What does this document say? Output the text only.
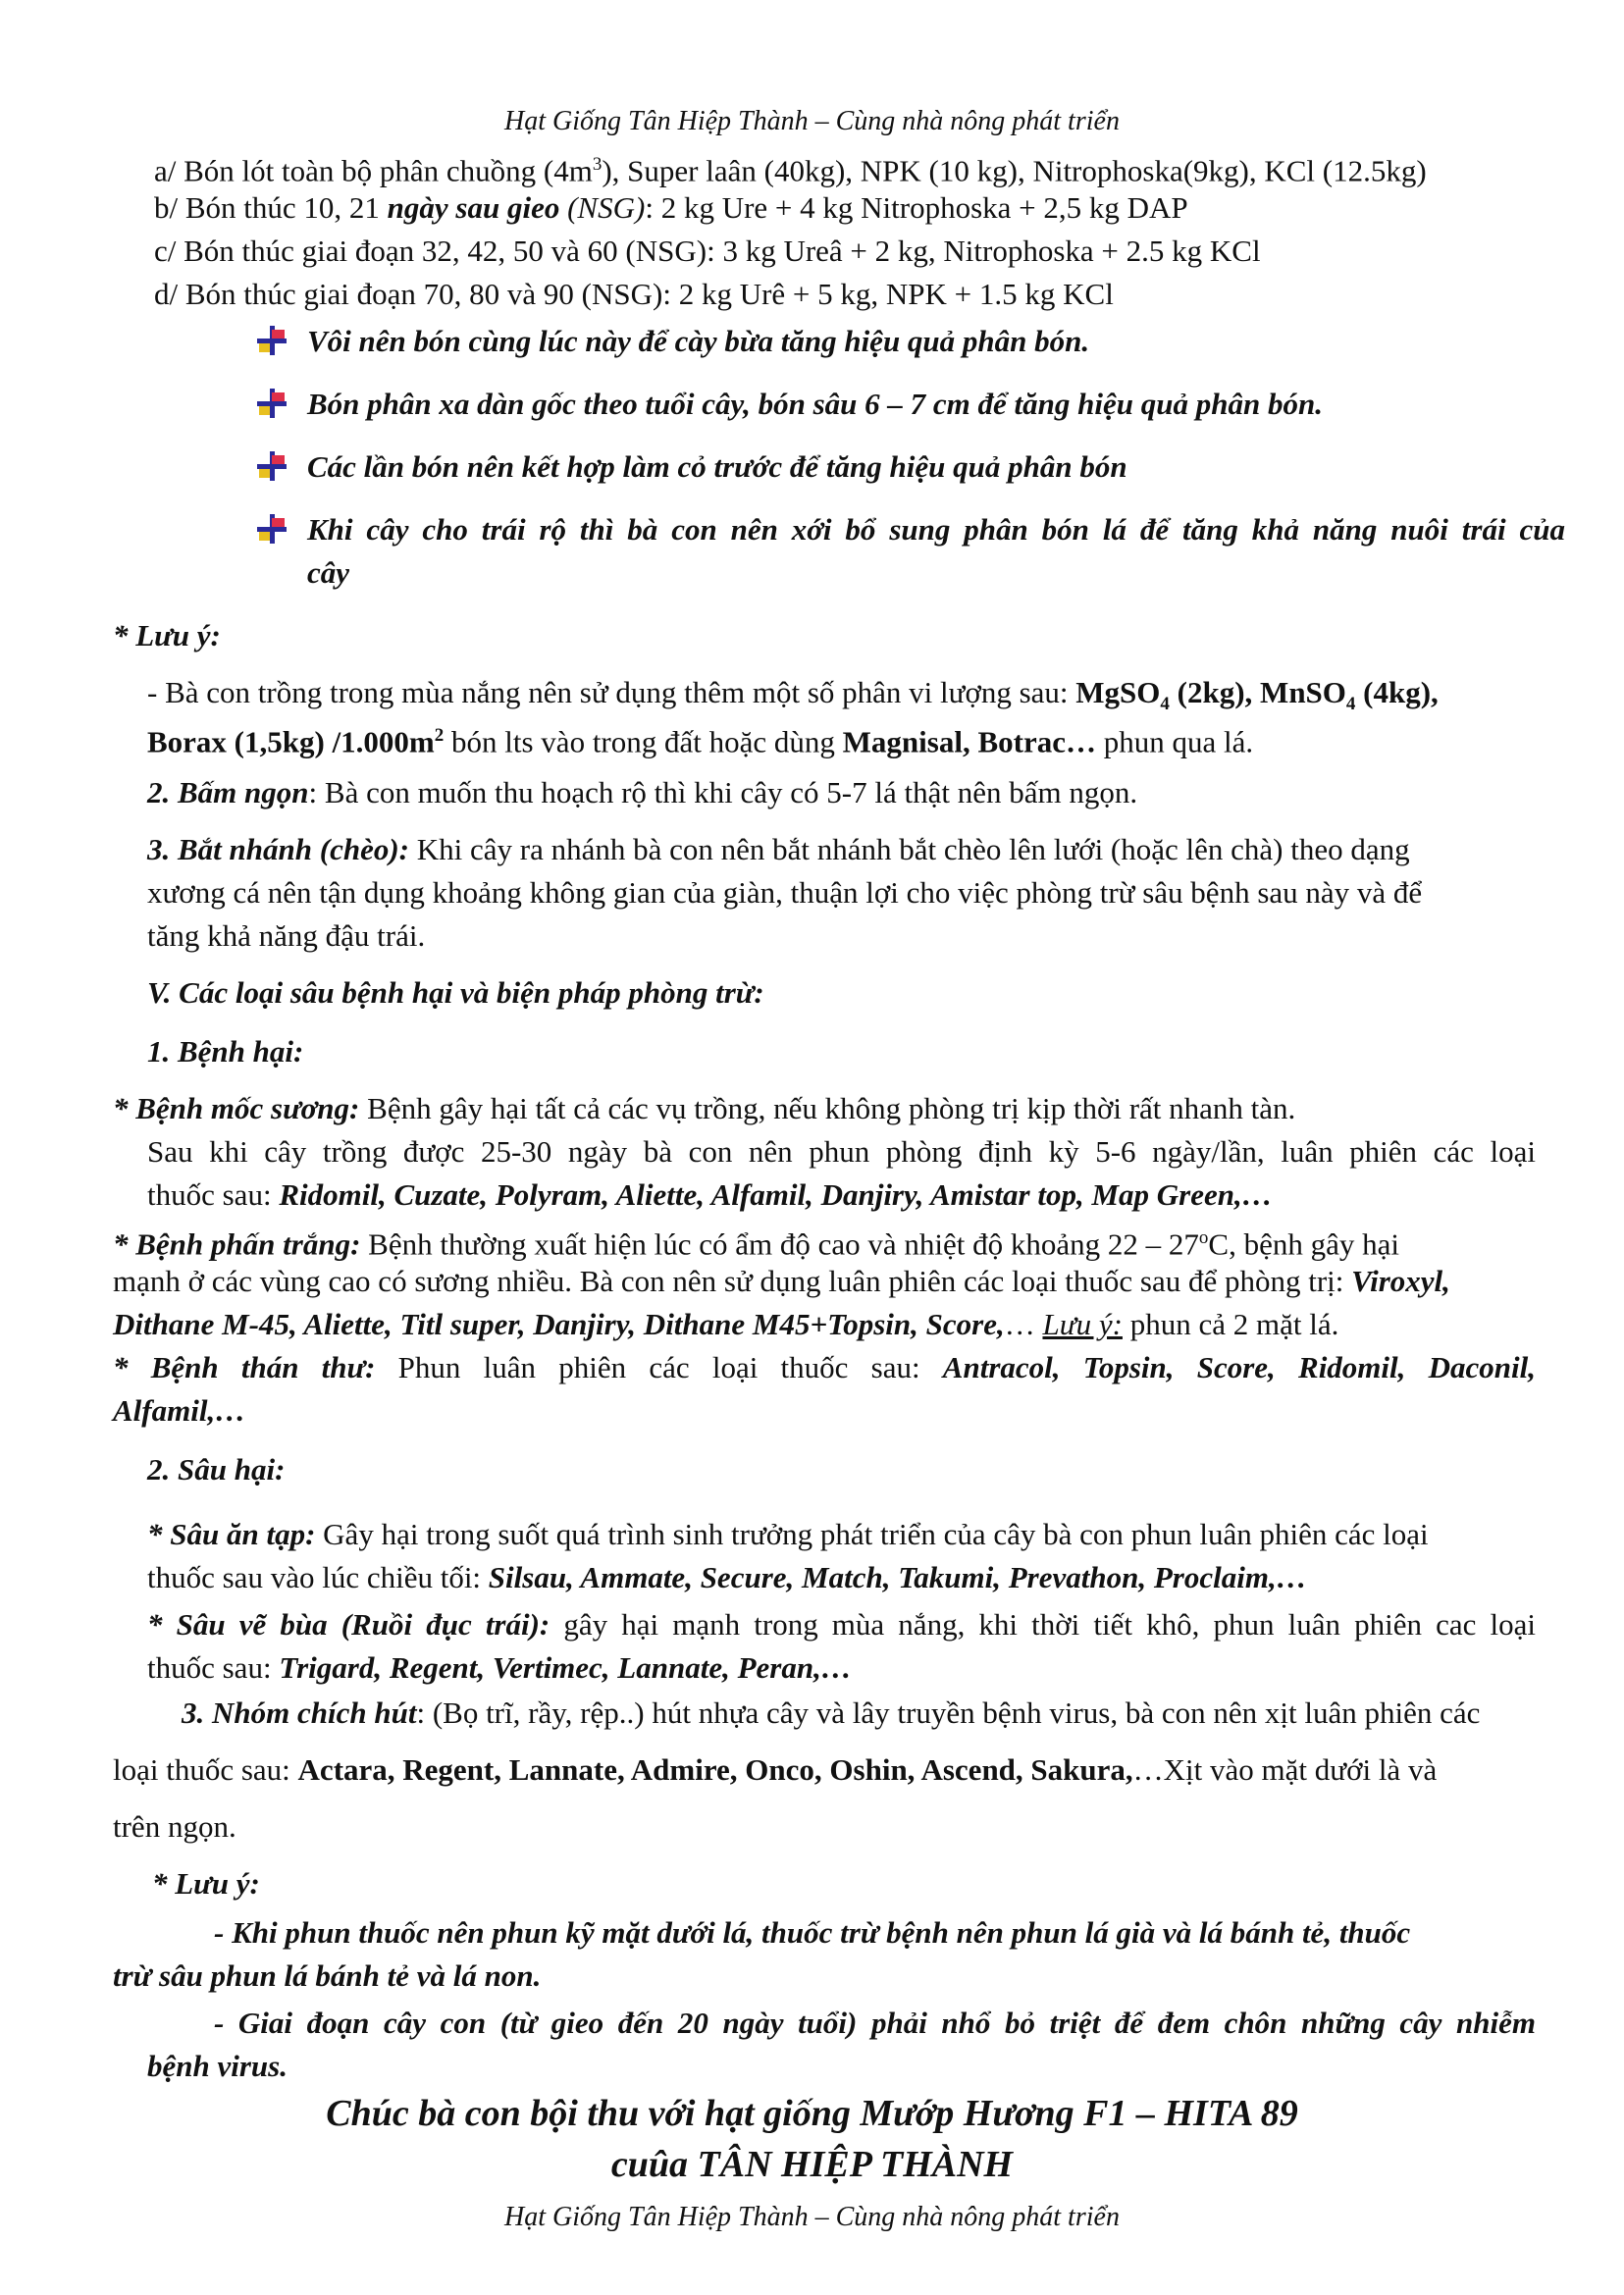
Hạt Giống Tân Hiệp Thành – Cùng nhà nông phát triển
a/ Bón lót toàn bộ phân chuồng $(4m^3)$, Super laân (40kg), NPK (10 kg), Nitrophoska(9kg), KCl (12.5kg)
b/ Bón thúc 10, 21 ngày sau gieo (NSG): 2 kg Ure + 4 kg Nitrophoska + 2,5 kg DAP
c/ Bón thúc giai đoạn 32, 42, 50 và 60 (NSG): 3 kg Ureâ + 2 kg, Nitrophoska + 2.5 kg KCl
d/ Bón thúc giai đoạn 70, 80 và 90 (NSG): 2 kg Urê + 5 kg, NPK + 1.5 kg KCl
Vôi nên bón cùng lúc này để cày bừa tăng hiệu quả phân bón.
Bón phân xa dàn gốc theo tuổi cây, bón sâu 6 – 7 cm để tăng hiệu quả phân bón.
Các lần bón nên kết hợp làm cỏ trước để tăng hiệu quả phân bón
Khi cây cho trái rộ thì bà con nên xới bổ sung phân bón lá để tăng khả năng nuôi trái của
cây
* Lưu ý:
- Bà con trồng trong mùa nắng nên sử dụng thêm một số phân vi lượng sau: MgSO$_4$ (2kg), MnSO$_4$ (4kg),
Borax (1,5kg) $/1.000m^2$ bón lts vào trong đất hoặc dùng Magnisal, Botrac… phun qua lá.
2. Bấm ngọn: Bà con muốn thu hoạch rộ thì khi cây có 5-7 lá thật nên bấm ngọn.
3. Bắt nhánh (chèo): Khi cây ra nhánh bà con nên bắt nhánh bắt chèo lên lưới (hoặc lên chà) theo dạng
xương cá nên tận dụng khoảng không gian của giàn, thuận lợi cho việc phòng trừ sâu bệnh sau này và để
tăng khả năng đậu trái.
V. Các loại sâu bệnh hại và biện pháp phòng trừ:
1. Bệnh hại:
* Bệnh mốc sương: Bệnh gây hại tất cả các vụ trồng, nếu không phòng trị kịp thời rất nhanh tàn.
Sau khi cây trồng được 25-30 ngày bà con nên phun phòng định kỳ 5-6 ngày/lần, luân phiên các loại
thuốc sau: Ridomil, Cuzate, Polyram, Aliette, Alfamil, Danjiry, Amistar top, Map Green,…
* Bệnh phấn trắng: Bệnh thường xuất hiện lúc có ẩm độ cao và nhiệt độ khoảng 22 – 27$^o$C, bệnh gây hại
mạnh ở các vùng cao có sương nhiều. Bà con nên sử dụng luân phiên các loại thuốc sau để phòng trị: Viroxyl,
Dithane M-45, Aliette, Titl super, Danjiry, Dithane M45+Topsin, Score,… Lưu ý: phun cả 2 mặt lá.
* Bệnh thán thư: Phun luân phiên các loại thuốc sau: Antracol, Topsin, Score, Ridomil, Daconil,
Alfamil,…
2. Sâu hại:
* Sâu ăn tạp: Gây hại trong suốt quá trình sinh trưởng phát triển của cây bà con phun luân phiên các loại
thuốc sau vào lúc chiều tối: Silsau, Ammate, Secure, Match, Takumi, Prevathon, Proclaim,…
* Sâu vẽ bùa (Ruồi đục trái): gây hại mạnh trong mùa nắng, khi thời tiết khô, phun luân phiên cac loại
thuốc sau: Trigard, Regent, Vertimec, Lannate, Peran,…
3. Nhóm chích hút: (Bọ trĩ, rầy, rệp..) hút nhựa cây và lây truyền bệnh virus, bà con nên xịt luân phiên các
loại thuốc sau: Actara, Regent, Lannate, Admire, Onco, Oshin, Ascend, Sakura,…Xịt vào mặt dưới là và
trên ngọn.
* Lưu ý:
- Khi phun thuốc nên phun kỹ mặt dưới lá, thuốc trừ bệnh nên phun lá già và lá bánh tẻ, thuốc
trừ sâu phun lá bánh tẻ và lá non.
- Giai đoạn cây con (từ gieo đến 20 ngày tuổi) phải nhổ bỏ triệt để đem chôn những cây nhiễm
bệnh virus.
Chúc bà con bội thu với hạt giống Mướp Hương F1 – HITA 89
cuûa TÂN HIỆP THÀNH
Hạt Giống Tân Hiệp Thành – Cùng nhà nông phát triển
